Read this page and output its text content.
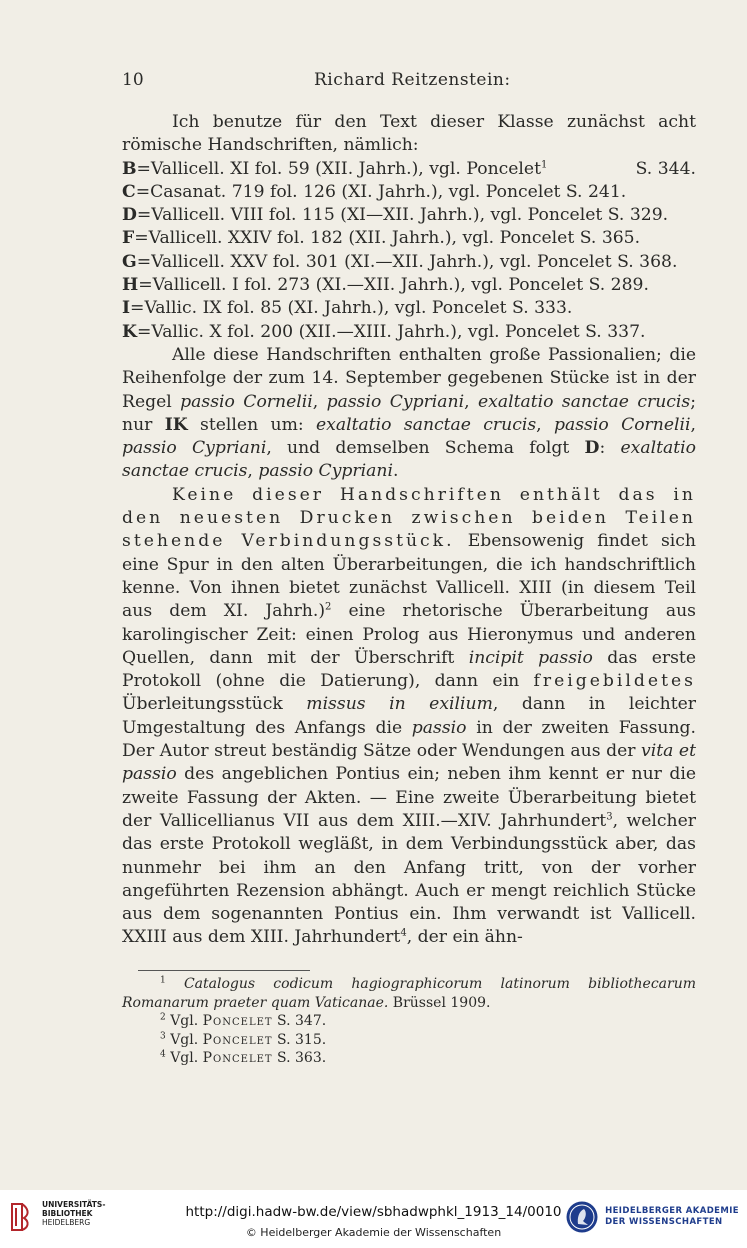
10	Richard Reitzenstein:

Ich benutze für den Text dieser Klasse zunächst acht römische Handschriften, nämlich:

B=Vallicell. XI fol. 59 (XII. Jahrh.), vgl. Poncelet$^1$	S. 344.
C=Casanat. 719 fol. 126 (XI. Jahrh.), vgl. Poncelet S. 241.
D=Vallicell. VIII fol. 115 (XI—XII. Jahrh.), vgl. Poncelet S. 329.
F=Vallicell. XXIV fol. 182 (XII. Jahrh.), vgl. Poncelet S. 365.
G=Vallicell. XXV fol. 301 (XI.—XII. Jahrh.), vgl. Poncelet S. 368.
H=Vallicell. I fol. 273 (XI.—XII. Jahrh.), vgl. Poncelet S. 289.
I=Vallic. IX fol. 85 (XI. Jahrh.), vgl. Poncelet S. 333.
K=Vallic. X fol. 200 (XII.—XIII. Jahrh.), vgl. Poncelet S. 337.

Alle diese Handschriften enthalten große Passionalien; die Reihenfolge der zum 14. September gegebenen Stücke ist in der Regel passio Cornelii, passio Cypriani, exaltatio sanctae crucis; nur IK stellen um: exaltatio sanctae crucis, passio Cornelii, passio Cypriani, und demselben Schema folgt D: exaltatio sanctae crucis, passio Cypriani.

Keine dieser Handschriften enthält das in den neuesten Drucken zwischen beiden Teilen stehende Verbindungsstück. Ebensowenig findet sich eine Spur in den alten Überarbeitungen, die ich handschriftlich kenne. Von ihnen bietet zunächst Vallicell. XIII (in diesem Teil aus dem XI. Jahrh.)$^2$ eine rhetorische Überarbeitung aus karolingischer Zeit: einen Prolog aus Hieronymus und anderen Quellen, dann mit der Überschrift incipit passio das erste Protokoll (ohne die Datierung), dann ein freigebildetes Überleitungsstück missus in exilium, dann in leichter Umgestaltung des Anfangs die passio in der zweiten Fassung. Der Autor streut beständig Sätze oder Wendungen aus der vita et passio des angeblichen Pontius ein; neben ihm kennt er nur die zweite Fassung der Akten. — Eine zweite Überarbeitung bietet der Vallicellianus VII aus dem XIII.—XIV. Jahrhundert$^3$, welcher das erste Protokoll wegläßt, in dem Verbindungsstück aber, das nunmehr bei ihm an den Anfang tritt, von der vorher angeführten Rezension abhängt. Auch er mengt reichlich Stücke aus dem sogenannten Pontius ein. Ihm verwandt ist Vallicell. XXIII aus dem XIII. Jahrhundert$^4$, der ein ähn-

$^1$ Catalogus codicum hagiographicorum latinorum bibliothecarum Romanarum praeter quam Vaticanae. Brüssel 1909.

$^2$ Vgl. Poncelet S. 347.

$^3$ Vgl. Poncelet S. 315.

$^4$ Vgl. Poncelet S. 363.

UNIVERSITÄTS-
BIBLIOTHEK
HEIDELBERG
http://digi.hadw-bw.de/view/sbhadwphkl_1913_14/0010
© Heidelberger Akademie der Wissenschaften
HEIDELBERGER AKADEMIE
DER WISSENSCHAFTEN
